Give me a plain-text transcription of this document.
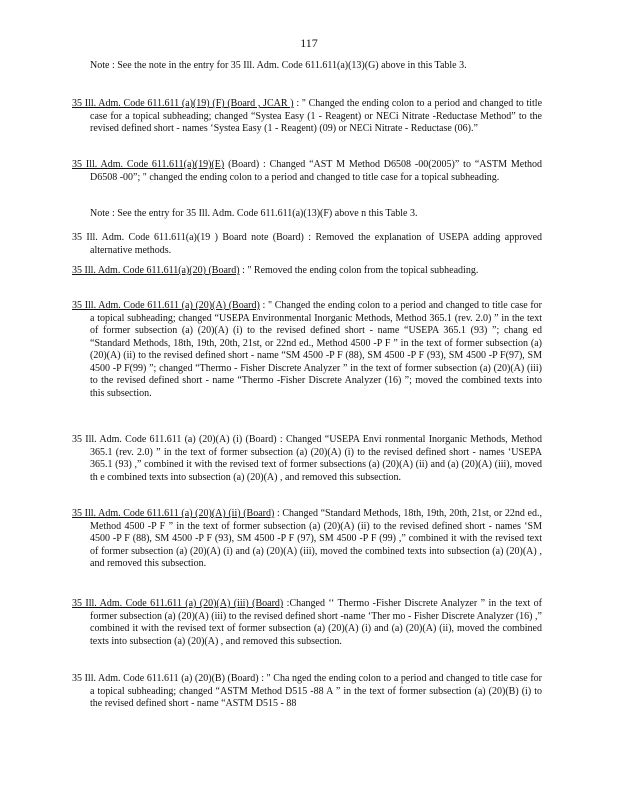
117

Note : See the note in the entry for 35 Ill. Adm. Code 611.611(a)(13)(G) above in this Table 3.

35 Ill. Adm. Code 611.611 (a)(19) (F) (Board , JCAR ) : " Changed the ending colon to a period and changed to title case for a topical subheading; changed “Systea Easy (1 - Reagent) or NECi Nitrate -Reductase Method” to the revised defined short - names ‘Systea Easy (1 - Reagent) (09) or NECi Nitrate - Reductase (06).”

35 Ill. Adm. Code 611.611(a)(19)(E) (Board) : Changed “AST M Method D6508 -00(2005)” to “ASTM Method D6508 -00”; " changed the ending colon to a period and changed to title case for a topical subheading.

Note : See the entry for 35 Ill. Adm. Code 611.611(a)(13)(F) above n this Table 3.

35 Ill. Adm. Code 611.611(a)(19 ) Board note (Board) : Removed the explanation of USEPA adding approved alternative methods.

35 Ill. Adm. Code 611.611(a)(20) (Board) : " Removed the ending colon from the topical subheading.

35 Ill. Adm. Code 611.611 (a) (20)(A) (Board) : " Changed the ending colon to a period and changed to title case for a topical subheading; changed “USEPA Environmental Inorganic Methods, Method 365.1 (rev. 2.0) ” in the text of former subsection (a) (20)(A) (i) to the revised defined short - name “USEPA 365.1 (93) ”; chang ed “Standard Methods, 18th, 19th, 20th, 21st, or 22nd ed., Method 4500 -P F ” in the text of former subsection (a) (20)(A) (ii) to the revised defined short - name “SM 4500 -P F (88), SM 4500 -P F (93), SM 4500 -P F(97), SM 4500 -P F(99) ”; changed “Thermo - Fisher Discrete Analyzer ” in the text of former subsection (a) (20)(A) (iii) to the revised defined short - name “Thermo -Fisher Discrete Analyzer (16) ”; moved the combined texts into this subsection.

35 Ill. Adm. Code 611.611 (a) (20)(A) (i) (Board) : Changed “USEPA Envi ronmental Inorganic Methods, Method 365.1 (rev. 2.0) ” in the text of former subsection (a) (20)(A) (i) to the revised defined short - names ‘USEPA 365.1 (93) ,” combined it with the revised text of former subsections (a) (20)(A) (ii) and (a) (20)(A) (iii), moved th e combined texts into subsection (a) (20)(A) , and removed this subsection.

35 Ill. Adm. Code 611.611 (a) (20)(A) (ii) (Board) : Changed “Standard Methods, 18th, 19th, 20th, 21st, or 22nd ed., Method 4500 -P F ” in the text of former subsection (a) (20)(A) (ii) to the revised defined short - names ‘SM 4500 -P F (88), SM 4500 -P F (93), SM 4500 -P F (97), SM 4500 -P F (99) ,” combined it with the revised text of former subsection (a) (20)(A) (i) and (a) (20)(A) (iii), moved the combined texts into subsection (a) (20)(A) , and removed this subsection.

35 Ill. Adm. Code 611.611 (a) (20)(A) (iii) (Board) :Changed ‘‘ Thermo -Fisher Discrete Analyzer ” in the text of former subsection (a) (20)(A) (iii) to the revised defined short -name ‘Ther mo - Fisher Discrete Analyzer (16) ,” combined it with the revised text of former subsection (a) (20)(A) (i) and (a) (20)(A) (ii), moved the combined texts into subsection (a) (20)(A) , and removed this subsection.

35 Ill. Adm. Code 611.611 (a) (20)(B) (Board) : " Cha nged the ending colon to a period and changed to title case for a topical subheading; changed “ASTM Method D515 -88 A ” in the text of former subsection (a) (20)(B) (i) to the revised defined short - name “ASTM D515 - 88
